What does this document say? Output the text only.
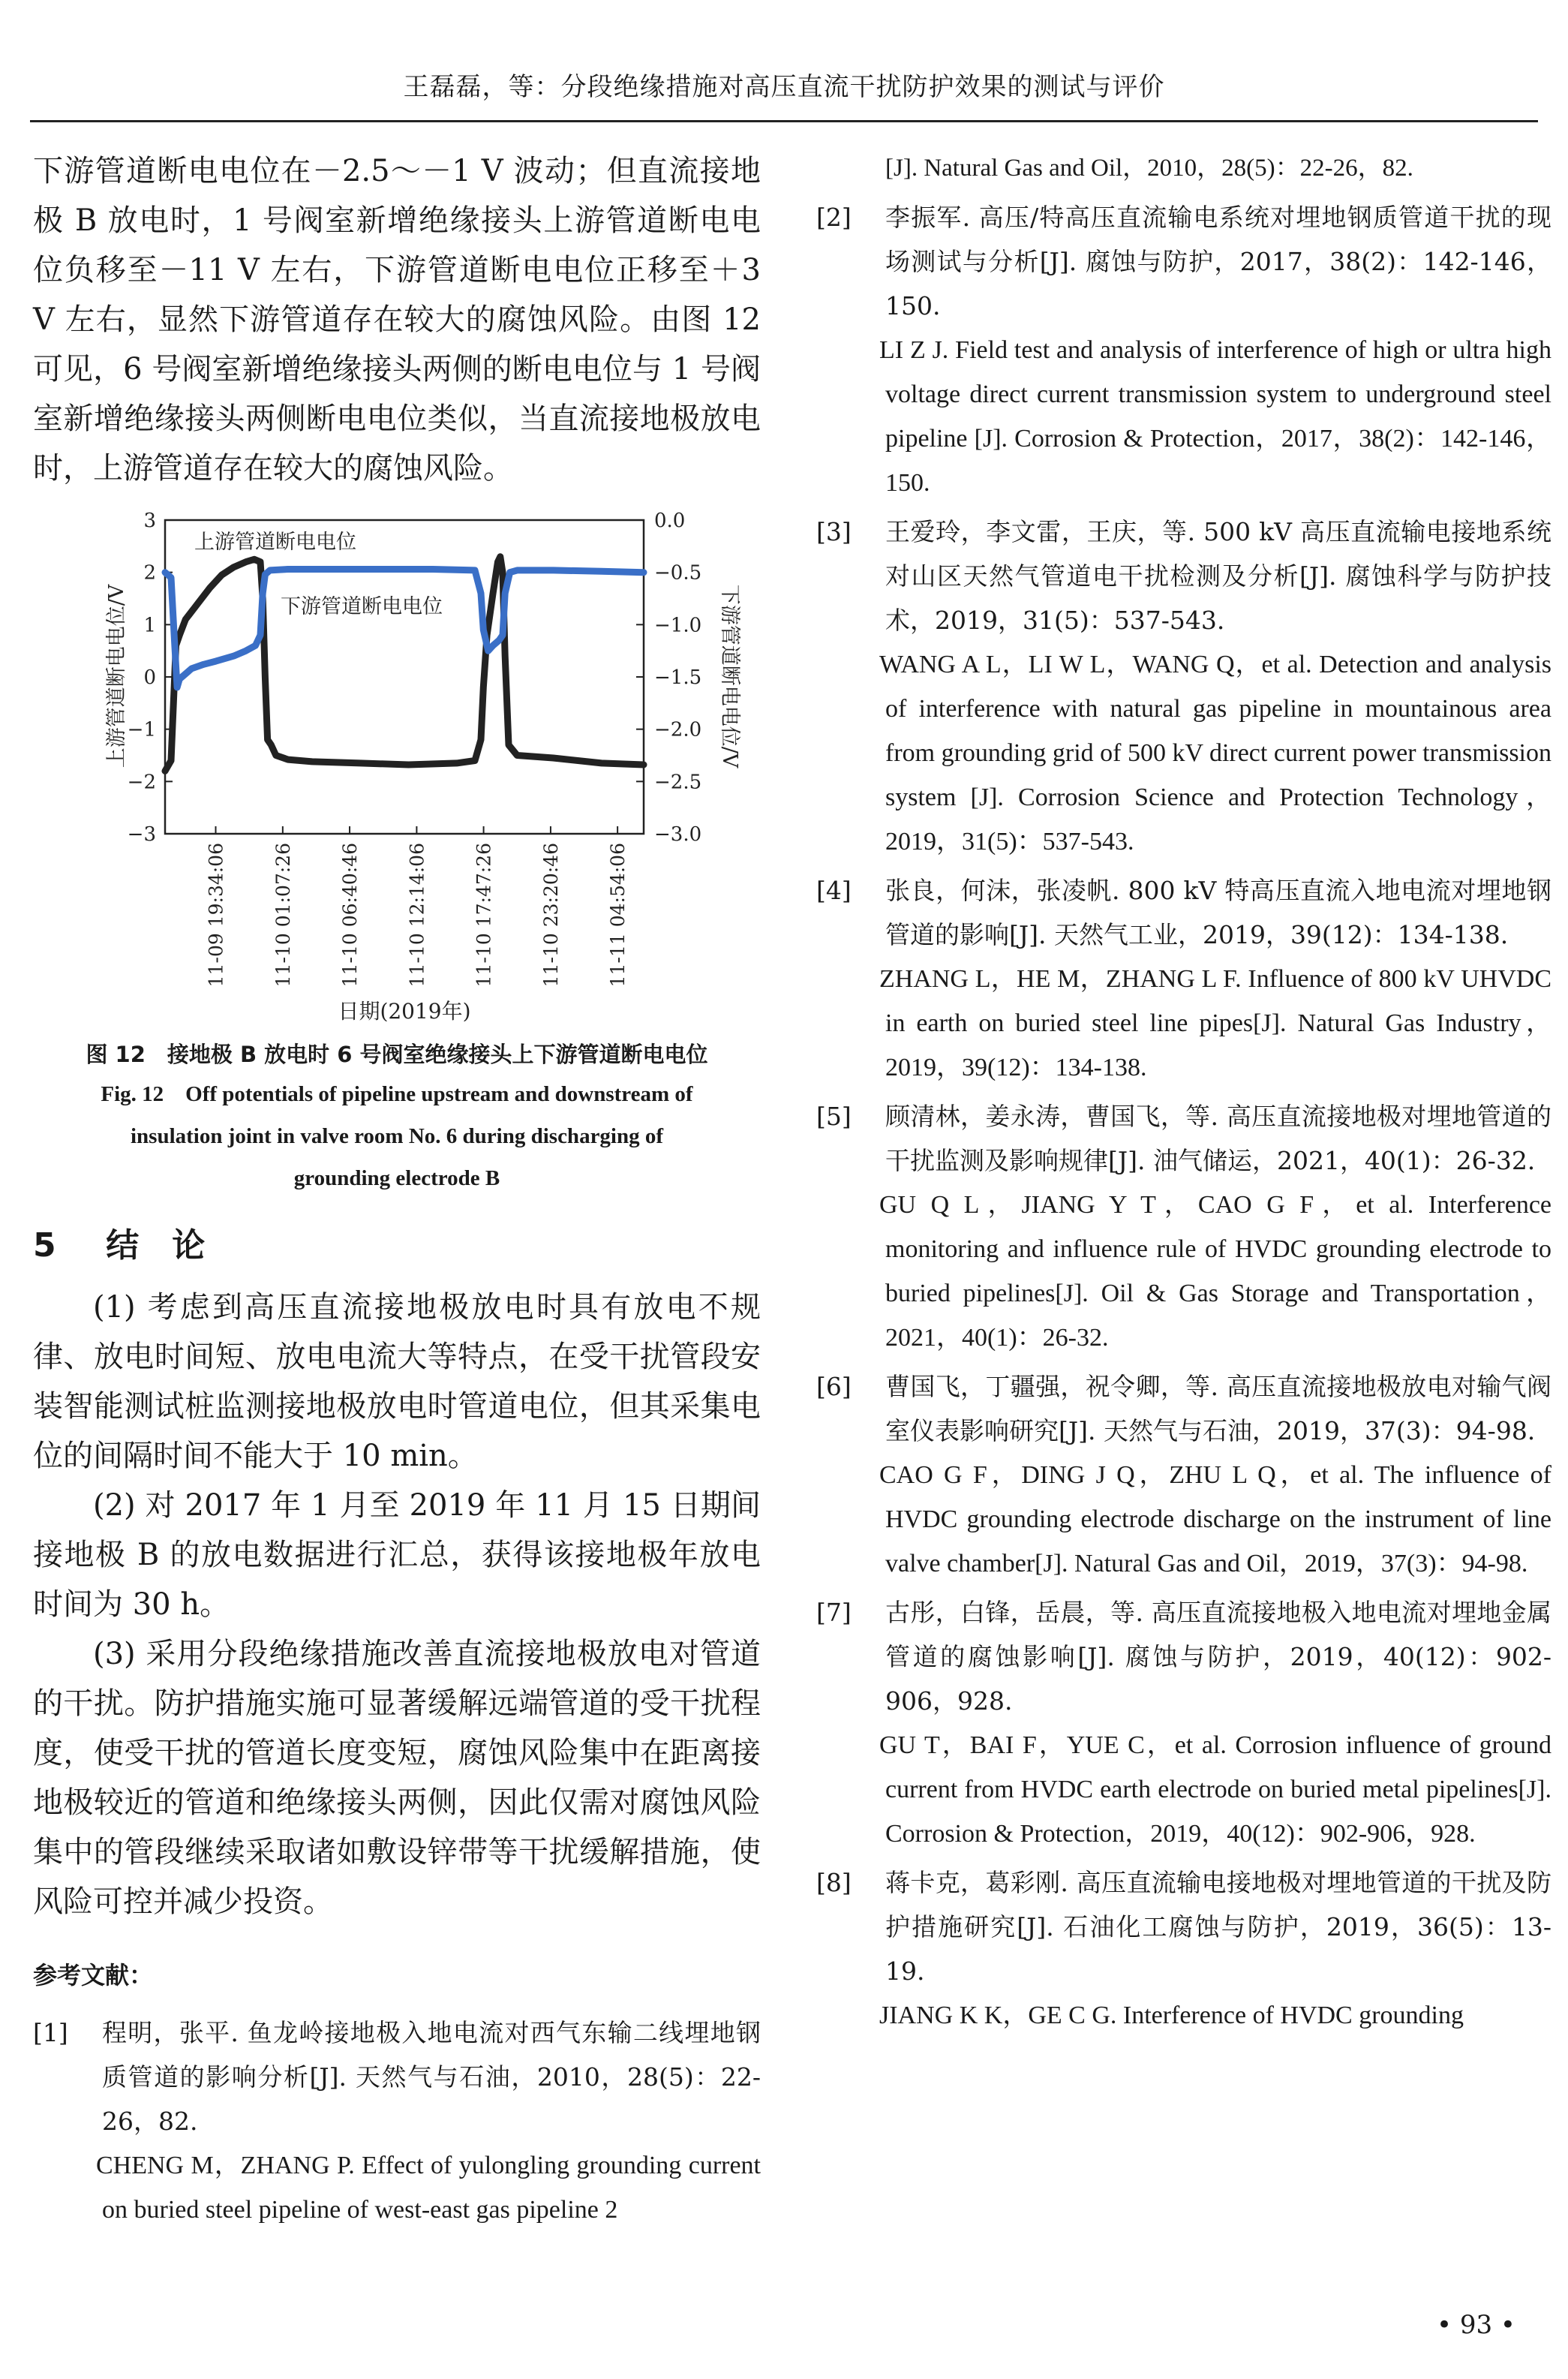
王磊磊，等：分段绝缘措施对高压直流干扰防护效果的测试与评价

下游管道断电电位在－2.5～－1 V 波动；但直流接地极 B 放电时，1 号阀室新增绝缘接头上游管道断电电位负移至－11 V 左右，下游管道断电电位正移至＋3 V 左右，显然下游管道存在较大的腐蚀风险。由图 12 可见，6 号阀室新增绝缘接头两侧的断电电位与 1 号阀室新增绝缘接头两侧断电电位类似，当直流接地极放电时，上游管道存在较大的腐蚀风险。

3
2
1
0
−1
−2
−3
0.0
−0.5
−1.0
−1.5
−2.0
−2.5
−3.0
11-09 19:34:06 11-10 01:07:26 11-10 06:40:46 11-10 12:14:06 11-10 17:47:26 11-10 23:20:46 11-11 04:54:06
上游管道断电电位
下游管道断电电位
上游管道断电电位/V	下游管道断电电位/V
日期(2019年)
图 12　接地极 B 放电时 6 号阀室绝缘接头上下游管道断电电位
Fig. 12　Off potentials of pipeline upstream and downstream of
insulation joint in valve room No. 6 during discharging of
grounding electrode B
5 结　论

(1) 考虑到高压直流接地极放电时具有放电不规律、放电时间短、放电电流大等特点，在受干扰管段安装智能测试桩监测接地极放电时管道电位，但其采集电位的间隔时间不能大于 10 min。

(2) 对 2017 年 1 月至 2019 年 11 月 15 日期间接地极 B 的放电数据进行汇总，获得该接地极年放电时间为 30 h。

(3) 采用分段绝缘措施改善直流接地极放电对管道的干扰。防护措施实施可显著缓解远端管道的受干扰程度，使受干扰的管道长度变短，腐蚀风险集中在距离接地极较近的管道和绝缘接头两侧，因此仅需对腐蚀风险集中的管段继续采取诸如敷设锌带等干扰缓解措施，使风险可控并减少投资。

参考文献：
[1]	程明，张平. 鱼龙岭接地极入地电流对西气东输二线埋地钢质管道的影响分析[J]. 天然气与石油，2010，28(5)：22-26，82.
CHENG M，ZHANG P. Effect of yulongling grounding current on buried steel pipeline of west-east gas pipeline 2
[J]. Natural Gas and Oil，2010，28(5)：22-26，82.
[2]	李振军. 高压/特高压直流输电系统对埋地钢质管道干扰的现场测试与分析[J]. 腐蚀与防护，2017，38(2)：142-146，150.
LI Z J. Field test and analysis of interference of high or ultra high voltage direct current transmission system to underground steel pipeline [J]. Corrosion & Protection，2017，38(2)：142-146，150.
[3]	王爱玲，李文雷，王庆，等. 500 kV 高压直流输电接地系统对山区天然气管道电干扰检测及分析[J]. 腐蚀科学与防护技术，2019，31(5)：537-543.
WANG A L，LI W L，WANG Q，et al. Detection and analysis of interference with natural gas pipeline in mountainous area from grounding grid of 500 kV direct current power transmission system [J]. Corrosion Science and Protection Technology，2019，31(5)：537-543.
[4]	张良，何沫，张凌帆. 800 kV 特高压直流入地电流对埋地钢管道的影响[J]. 天然气工业，2019，39(12)：134-138.
ZHANG L，HE M，ZHANG L F. Influence of 800 kV UHVDC in earth on buried steel line pipes[J]. Natural Gas Industry，2019，39(12)：134-138.
[5]	顾清林，姜永涛，曹国飞，等. 高压直流接地极对埋地管道的干扰监测及影响规律[J]. 油气储运，2021，40(1)：26-32.
GU Q L，JIANG Y T，CAO G F，et al. Interference monitoring and influence rule of HVDC grounding electrode to buried pipelines[J]. Oil & Gas Storage and Transportation，2021，40(1)：26-32.
[6]	曹国飞，丁疆强，祝令卿，等. 高压直流接地极放电对输气阀室仪表影响研究[J]. 天然气与石油，2019，37(3)：94-98.
CAO G F，DING J Q，ZHU L Q，et al. The influence of HVDC grounding electrode discharge on the instrument of line valve chamber[J]. Natural Gas and Oil，2019，37(3)：94-98.
[7]	古彤，白锋，岳晨，等. 高压直流接地极入地电流对埋地金属管道的腐蚀影响[J]. 腐蚀与防护，2019，40(12)：902-906，928.
GU T，BAI F，YUE C，et al. Corrosion influence of ground current from HVDC earth electrode on buried metal pipelines[J]. Corrosion & Protection，2019，40(12)：902-906，928.
[8]	蒋卡克，葛彩刚. 高压直流输电接地极对埋地管道的干扰及防护措施研究[J]. 石油化工腐蚀与防护，2019，36(5)：13-19.
JIANG K K，GE C G. Interference of HVDC grounding
• 93 •
